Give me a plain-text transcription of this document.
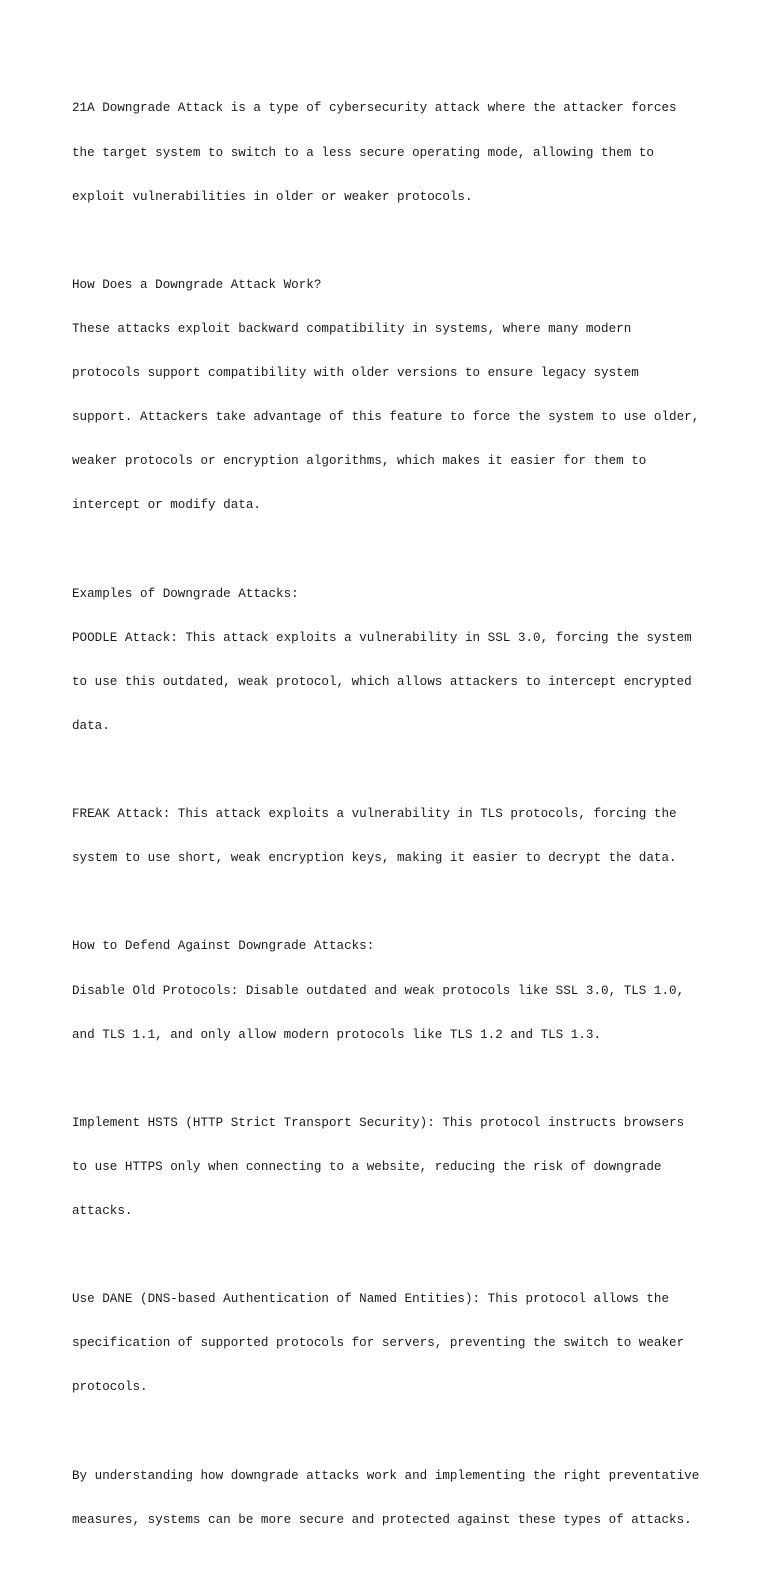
21A Downgrade Attack is a type of cybersecurity attack where the attacker forces

the target system to switch to a less secure operating mode, allowing them to

exploit vulnerabilities in older or weaker protocols.

How Does a Downgrade Attack Work?

These attacks exploit backward compatibility in systems, where many modern

protocols support compatibility with older versions to ensure legacy system

support. Attackers take advantage of this feature to force the system to use older,

weaker protocols or encryption algorithms, which makes it easier for them to

intercept or modify data.

Examples of Downgrade Attacks:

POODLE Attack: This attack exploits a vulnerability in SSL 3.0, forcing the system

to use this outdated, weak protocol, which allows attackers to intercept encrypted

data.

FREAK Attack: This attack exploits a vulnerability in TLS protocols, forcing the

system to use short, weak encryption keys, making it easier to decrypt the data.

How to Defend Against Downgrade Attacks:

Disable Old Protocols: Disable outdated and weak protocols like SSL 3.0, TLS 1.0,

and TLS 1.1, and only allow modern protocols like TLS 1.2 and TLS 1.3.

Implement HSTS (HTTP Strict Transport Security): This protocol instructs browsers

to use HTTPS only when connecting to a website, reducing the risk of downgrade

attacks.

Use DANE (DNS-based Authentication of Named Entities): This protocol allows the

specification of supported protocols for servers, preventing the switch to weaker

protocols.

By understanding how downgrade attacks work and implementing the right preventative

measures, systems can be more secure and protected against these types of attacks.
